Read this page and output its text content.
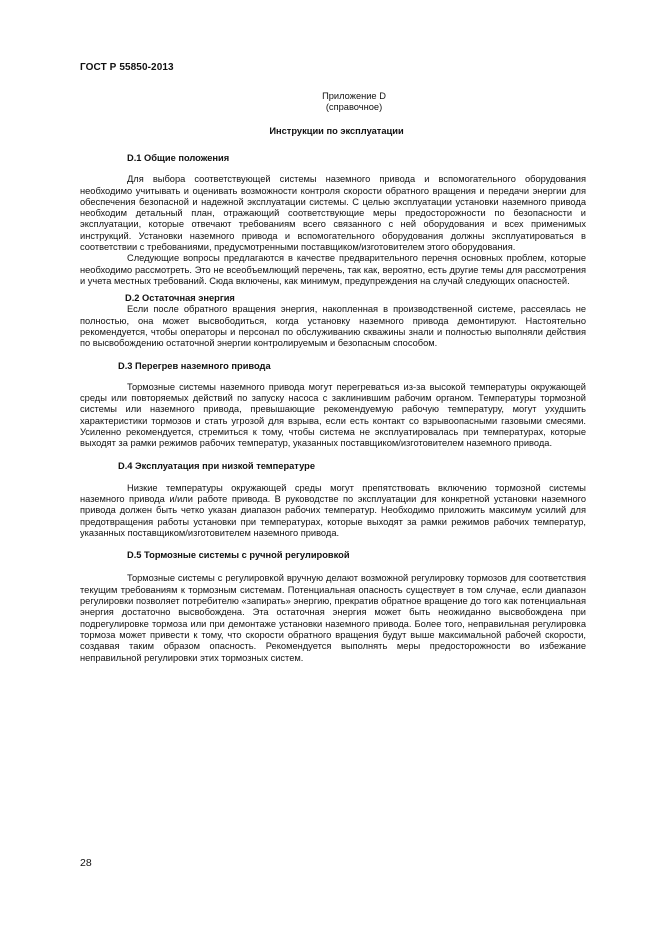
ГОСТ Р 55850-2013
Приложение D
(справочное)
Инструкции по эксплуатации
D.1 Общие положения

Для выбора соответствующей системы наземного привода и вспомогательного оборудования необходимо учитывать и оценивать возможности контроля скорости обратного вращения и передачи энергии для обеспечения безопасной и надежной эксплуатации системы. С целью эксплуатации установки наземного привода необходим детальный план, отражающий соответствующие меры предосторожности по безопасности и эксплуатации, которые отвечают требованиям всего связанного с ней оборудования и всех применимых инструкций. Установки наземного привода и вспомогательного оборудования должны эксплуатироваться в соответствии с требованиями, предусмотренными поставщиком/изготовителем этого оборудования.

Следующие вопросы предлагаются в качестве предварительного перечня основных проблем, которые необходимо рассмотреть. Это не всеобъемлющий перечень, так как, вероятно, есть другие темы для рассмотрения и учета местных требований. Сюда включены, как минимум, предупреждения на случай следующих опасностей.

D.2 Остаточная энергия

Если после обратного вращения энергия, накопленная в производственной системе, рассеялась не полностью, она может высвободиться, когда установку наземного привода демонтируют. Настоятельно рекомендуется, чтобы операторы и персонал по обслуживанию скважины знали и полностью выполняли действия по высвобождению остаточной энергии контролируемым и безопасным способом.

D.3 Перегрев наземного привода

Тормозные системы наземного привода могут перегреваться из-за высокой температуры окружающей среды или повторяемых действий по запуску насоса с заклинившим рабочим органом. Температуры тормозной системы или наземного привода, превышающие рекомендуемую рабочую температуру, могут ухудшить характеристики тормозов и стать угрозой для взрыва, если есть контакт со взрывоопасными газовыми смесями. Усиленно рекомендуется, стремиться к тому, чтобы система не эксплуатировалась при температурах, которые выходят за рамки режимов рабочих температур, указанных поставщиком/изготовителем наземного привода.

D.4 Эксплуатация при низкой температуре

Низкие температуры окружающей среды могут препятствовать включению тормозной системы наземного привода и/или работе привода. В руководстве по эксплуатации для конкретной установки наземного привода должен быть четко указан диапазон рабочих температур. Необходимо приложить максимум усилий для предотвращения работы установки при температурах, которые выходят за рамки режимов рабочих температур, указанных поставщиком/изготовителем наземного привода.

D.5 Тормозные системы с ручной регулировкой

Тормозные системы с регулировкой вручную делают возможной регулировку тормозов для соответствия текущим требованиям к тормозным системам. Потенциальная опасность существует в том случае, если диапазон регулировки позволяет потребителю «запирать» энергию, прекратив обратное вращение до того как потенциальная энергия достаточно высвобождена. Эта остаточная энергия может быть неожиданно высвобождена при подрегулировке тормоза или при демонтаже установки наземного привода. Более того, неправильная регулировка тормоза может привести к тому, что скорости обратного вращения будут выше максимальной рабочей скорости, создавая таким образом опасность. Рекомендуется выполнять меры предосторожности во избежание неправильной регулировки этих тормозных систем.

28
